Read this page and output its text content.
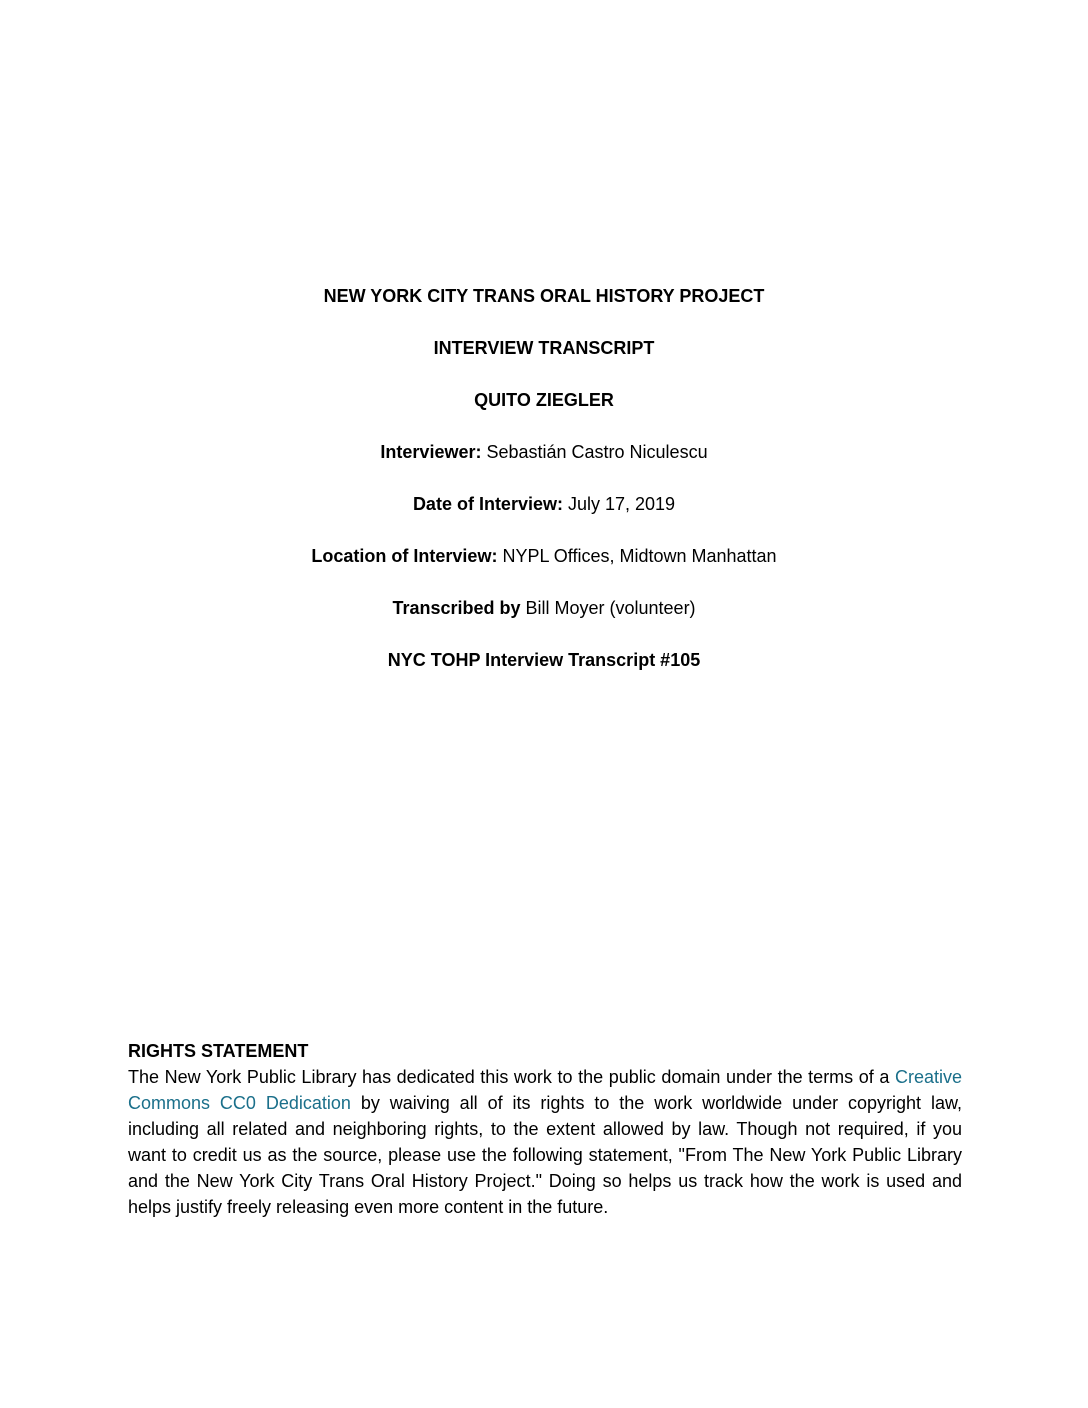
NEW YORK CITY TRANS ORAL HISTORY PROJECT
INTERVIEW TRANSCRIPT
QUITO ZIEGLER
Interviewer: Sebastián Castro Niculescu
Date of Interview: July 17, 2019
Location of Interview: NYPL Offices, Midtown Manhattan
Transcribed by Bill Moyer (volunteer)
NYC TOHP Interview Transcript #105
RIGHTS STATEMENT
The New York Public Library has dedicated this work to the public domain under the terms of a Creative Commons CC0 Dedication by waiving all of its rights to the work worldwide under copyright law, including all related and neighboring rights, to the extent allowed by law. Though not required, if you want to credit us as the source, please use the following statement, "From The New York Public Library and the New York City Trans Oral History Project." Doing so helps us track how the work is used and helps justify freely releasing even more content in the future.
